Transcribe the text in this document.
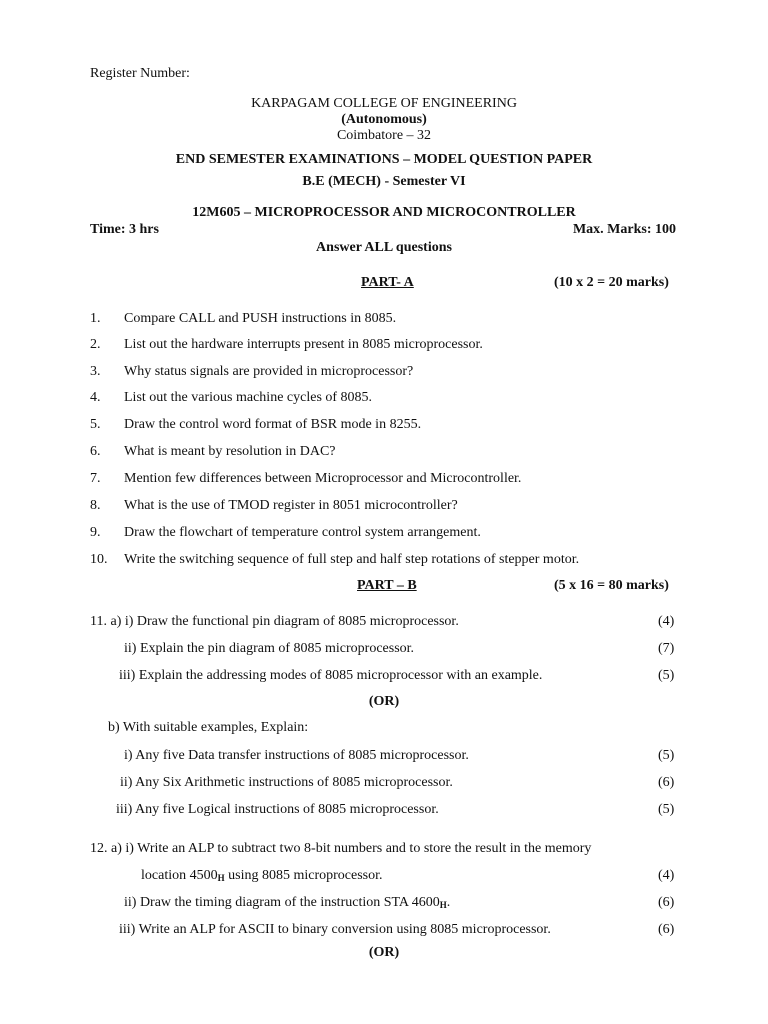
Register Number:
KARPAGAM COLLEGE OF ENGINEERING
(Autonomous)
Coimbatore – 32
END SEMESTER EXAMINATIONS – MODEL QUESTION PAPER
B.E (MECH) - Semester VI
12M605 – MICROPROCESSOR AND MICROCONTROLLER
Time: 3 hrs	Max. Marks: 100
Answer ALL questions
PART- A	(10 x 2 = 20 marks)
1. Compare CALL and PUSH instructions in 8085.
2. List out the hardware interrupts present in 8085 microprocessor.
3. Why status signals are provided in microprocessor?
4. List out the various machine cycles of 8085.
5. Draw the control word format of BSR mode in 8255.
6. What is meant by resolution in DAC?
7. Mention few differences between Microprocessor and Microcontroller.
8. What is the use of TMOD register in 8051 microcontroller?
9. Draw the flowchart of temperature control system arrangement.
10. Write the switching sequence of full step and half step rotations of stepper motor.
PART – B	(5 x 16 = 80 marks)
11. a) i) Draw the functional pin diagram of 8085 microprocessor.	(4)
ii) Explain the pin diagram of 8085 microprocessor.	(7)
iii) Explain the addressing modes of 8085 microprocessor with an example.	(5)
(OR)
b) With suitable examples, Explain:
i) Any five Data transfer instructions of 8085 microprocessor.	(5)
ii) Any Six Arithmetic instructions of 8085 microprocessor.	(6)
iii) Any five Logical instructions of 8085 microprocessor.	(5)
12. a) i) Write an ALP to subtract two 8-bit numbers and to store the result in the memory
location $4500_H$ using 8085 microprocessor.	(4)
ii) Draw the timing diagram of the instruction STA $4600_H$.	(6)
iii) Write an ALP for ASCII to binary conversion using 8085 microprocessor.	(6)
(OR)
